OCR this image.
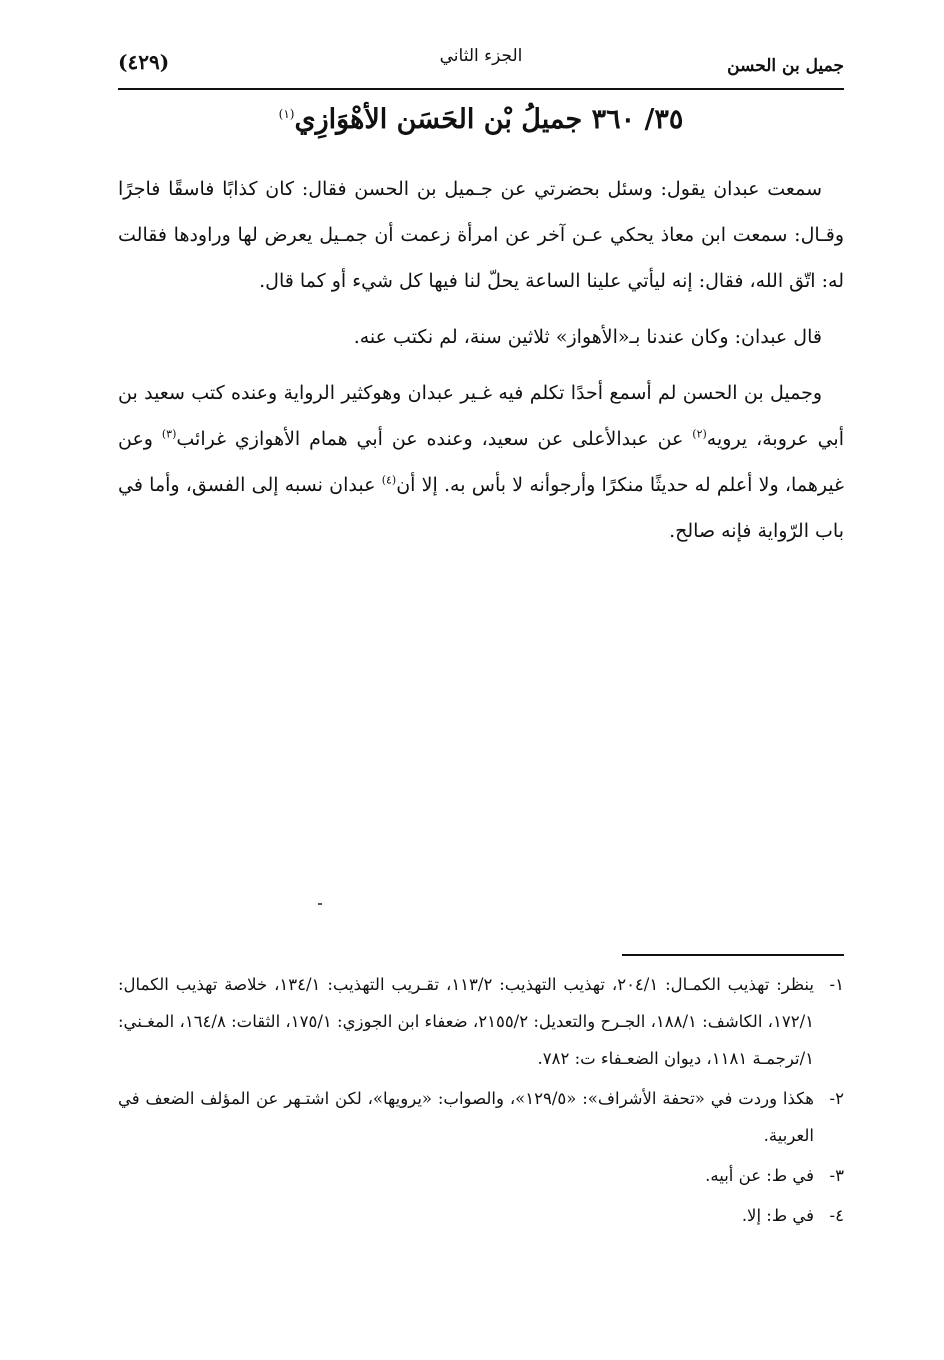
جميل بن الحسن
الجزء الثاني
(٤٢٩)
٣٥/ ٣٦٠ جميلُ بْن الحَسَن الأهْوَازِي$^{(١)}$

سمعت عبدان يقول: وسئل بحضرتي عن جـميل بن الحسن فقال: كان كذابًا فاسقًا فاجرًا وقـال: سمعت ابن معاذ يحكي عـن آخر عن امرأة زعمت أن جمـيل يعرض لها وراودها فقالت له: اتّق الله، فقال: إنه ليأتي علينا الساعة يحلّ لنا فيها كل شيء أو كما قال.

قال عبدان: وكان عندنا بـ«الأهواز» ثلاثين سنة، لم نكتب عنه.

وجميل بن الحسن لم أسمع أحدًا تكلم فيه غـير عبدان وهوكثير الرواية وعنده كتب سعيد بن أبي عروبة، يرويه$^{(٢)}$ عن عبدالأعلى عن سعيد، وعنده عن أبي همام الأهوازي غرائب$^{(٣)}$ وعن غيرهما، ولا أعلم له حديثًا منكرًا وأرجوأنه لا بأس به. إلا أن$^{(٤)}$ عبدان نسبه إلى الفسق، وأما في باب الرّواية فإنه صالح.

١-
ينظر: تهذيب الكمـال: ٢٠٤/١، تهذيب التهذيب: ١١٣/٢، تقـريب التهذيب: ١٣٤/١، خلاصة تهذيب الكمال: ١٧٢/١، الكاشف: ١٨٨/١، الجـرح والتعديل: ٢١٥٥/٢، ضعفاء ابن الجوزي: ١٧٥/١، الثقات: ١٦٤/٨، المغـني: ١/ترجمـة ١١٨١، ديوان الضعـفاء ت: ٧٨٢.
٢-
هكذا وردت في «تحفة الأشراف»: «١٢٩/٥»، والصواب: «يرويها»، لكن اشتـهر عن المؤلف الضعف في العربية.
٣-
في ط: عن أبيه.
٤-
في ط: إلا.
